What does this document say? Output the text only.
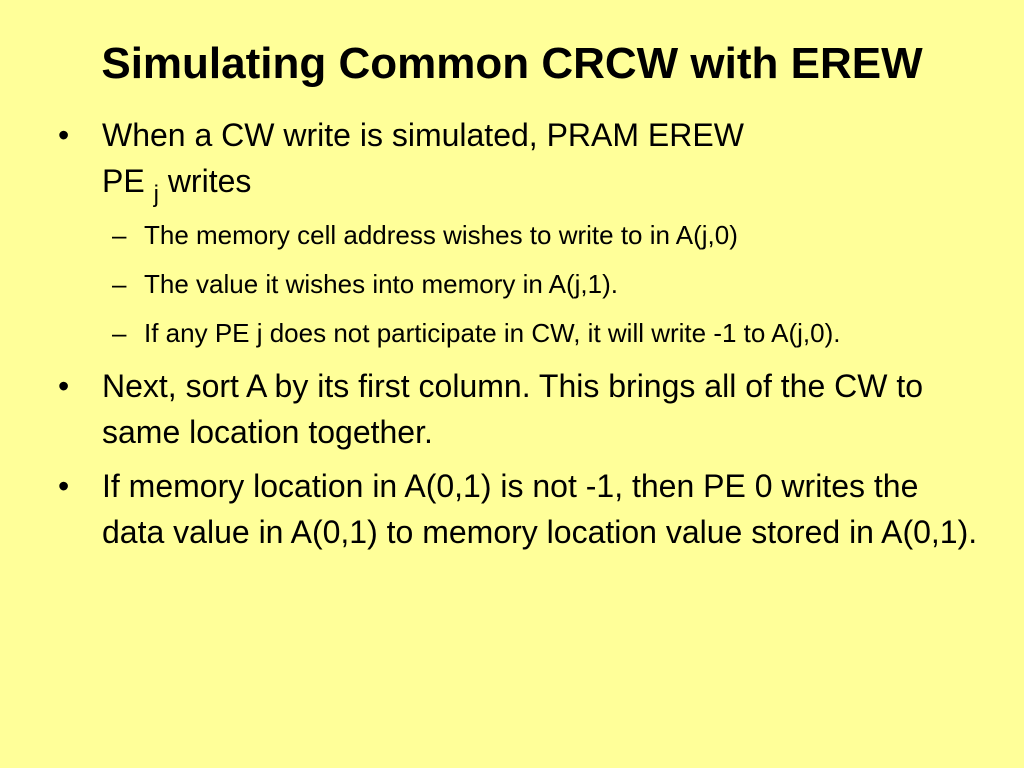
Simulating Common CRCW with EREW
• When a CW write is simulated, PRAM EREW
PE $_j$ writes
– The memory cell address wishes to write to in A(j,0)
– The value it wishes into memory in A(j,1).
– If any PE j does not participate in CW, it will write -1 to A(j,0).
• Next, sort A by its first column. This brings all of the CW to same location together.
• If memory location in A(0,1) is not -1, then PE 0 writes the data value in A(0,1) to memory location value stored in A(0,1).
